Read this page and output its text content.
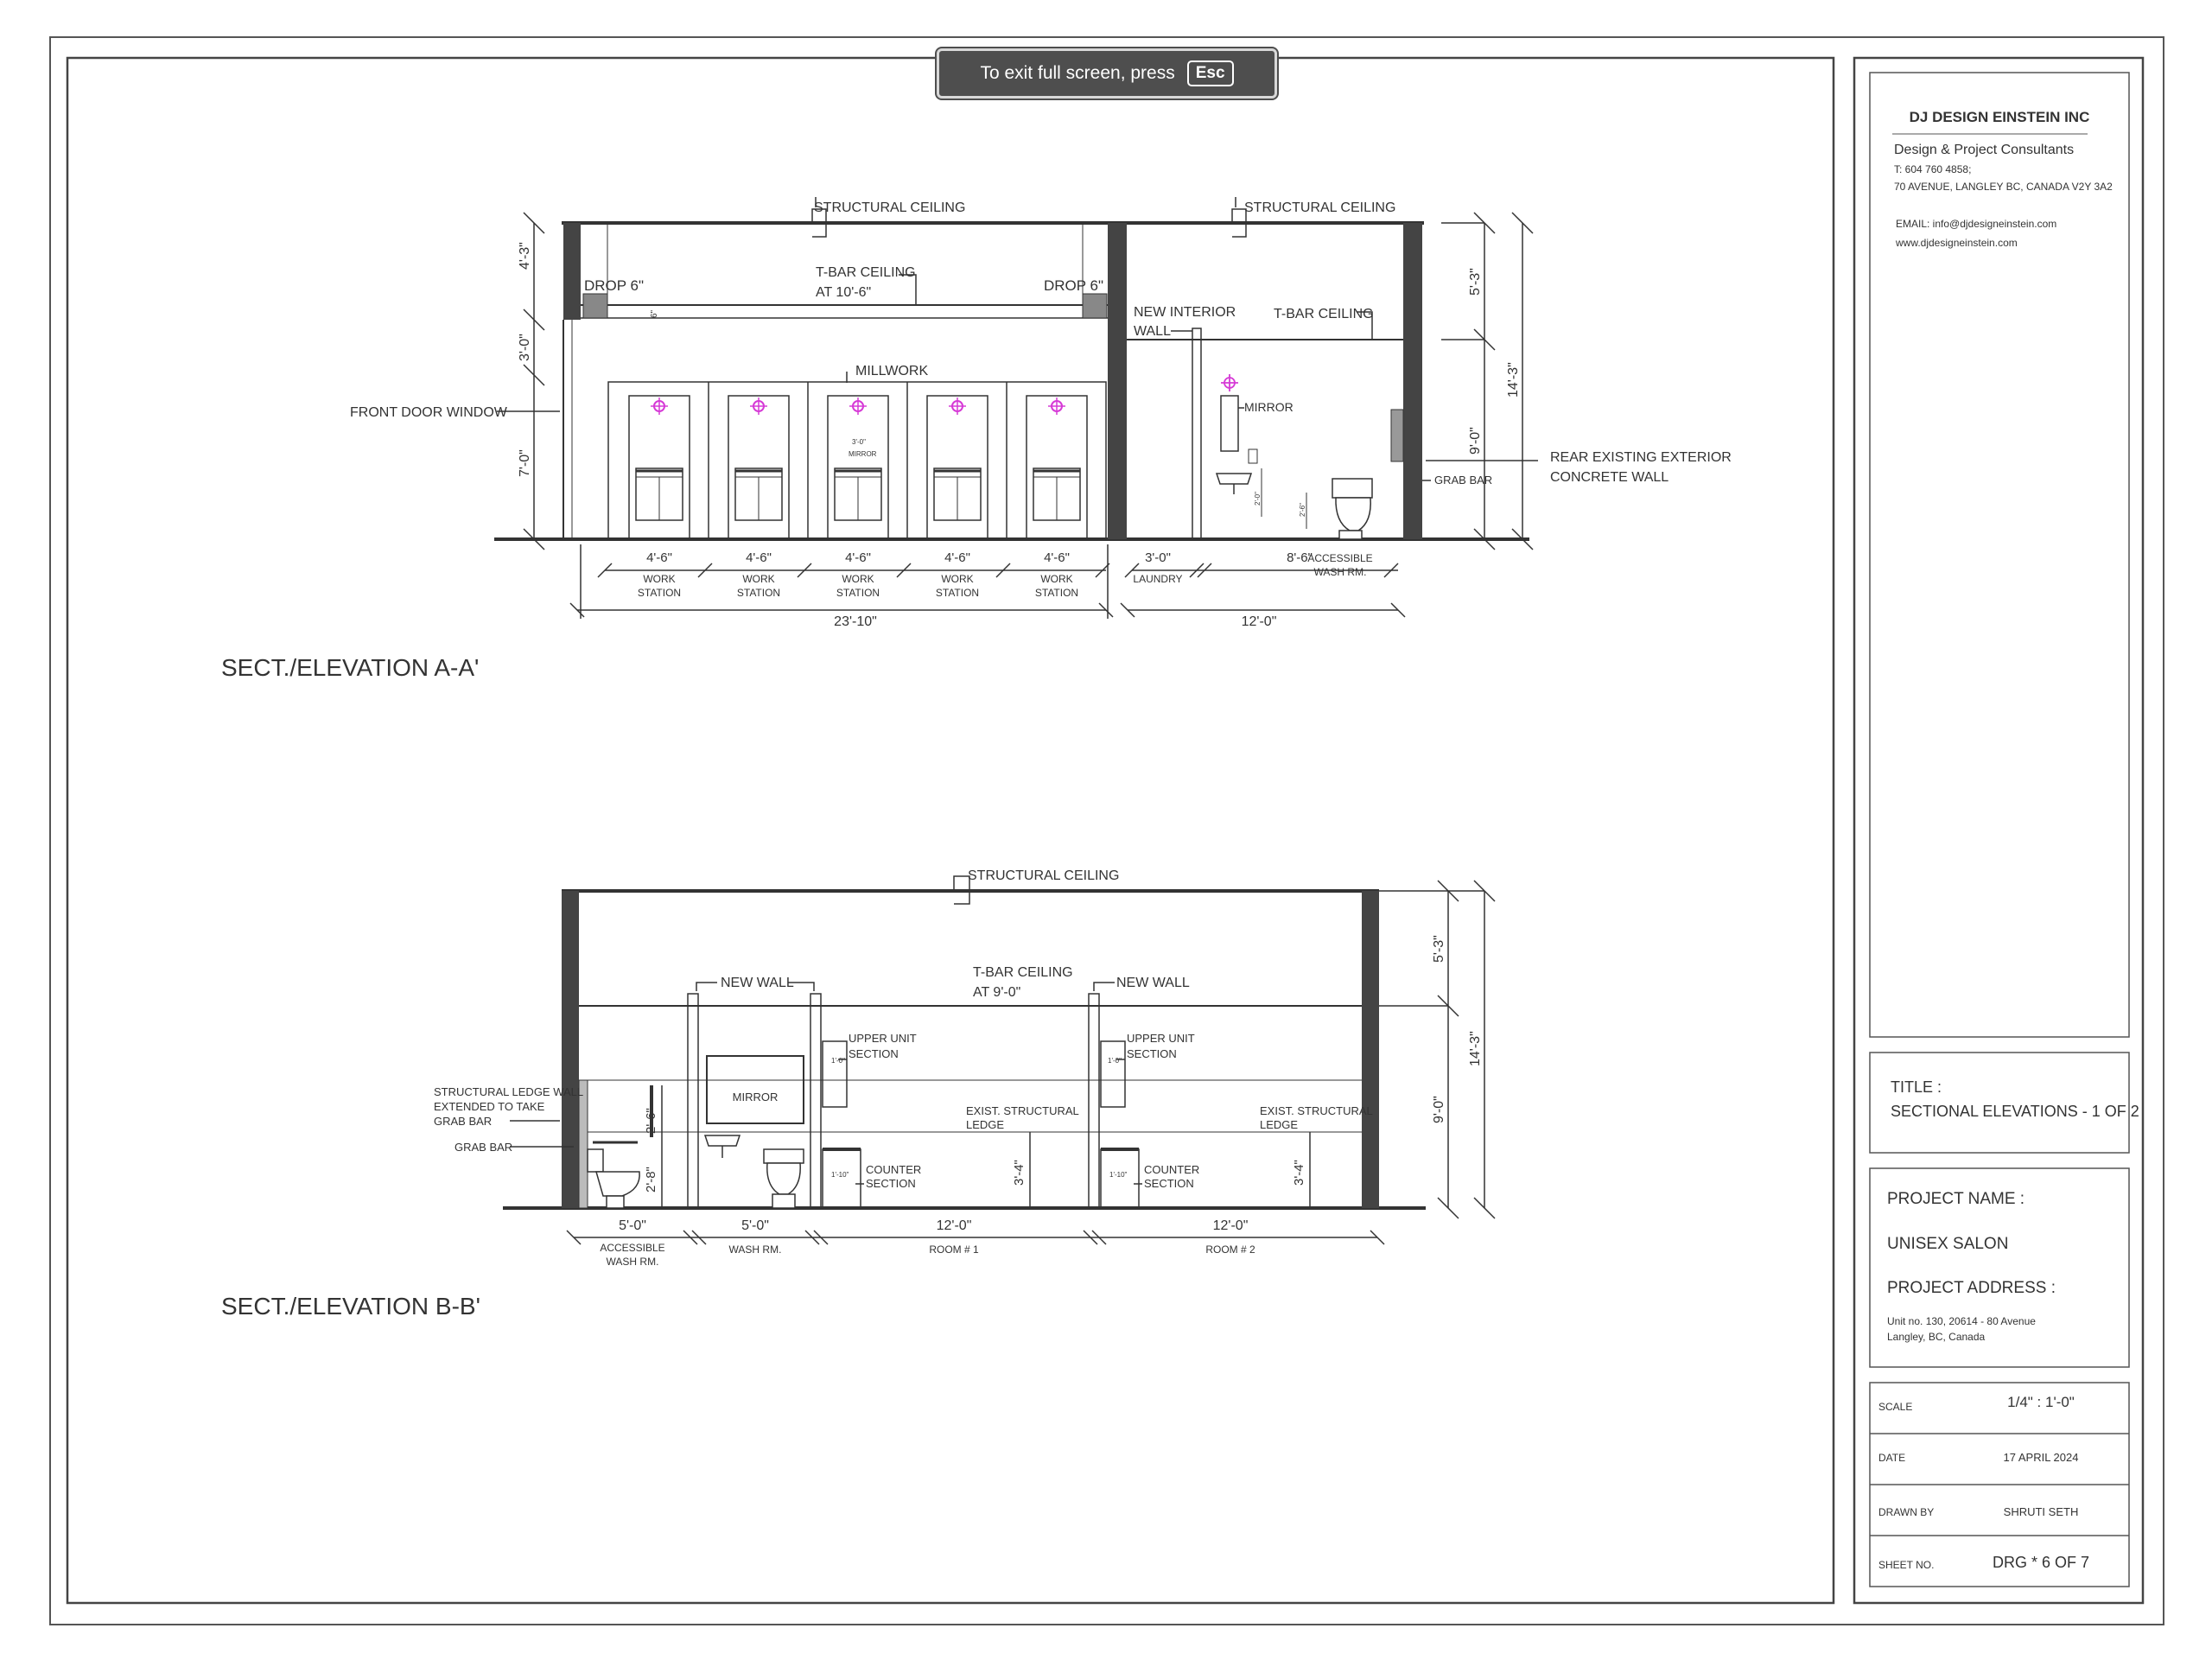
DJ DESIGN EINSTEIN INC
Design & Project Consultants
T: 604 760 4858;
70 AVENUE, LANGLEY BC, CANADA V2Y 3A2
EMAIL: info@djdesigneinstein.com
www.djdesigneinstein.com
TITLE :
SECTIONAL ELEVATIONS - 1 OF 2
PROJECT NAME :
UNISEX SALON
PROJECT ADDRESS :
Unit no. 130, 20614 - 80 Avenue
Langley, BC, Canada
SCALE	1/4" : 1'-0"
DATE	17 APRIL 2024
DRAWN BY	SHRUTI SETH
SHEET NO.	DRG * 6 OF 7
4'-6"
WORK
STATION
4'-6"
WORK
STATION
4'-6"
WORK
STATION
4'-6"
WORK
STATION
4'-6"
WORK
STATION
STRUCTURAL CEILING	STRUCTURAL CEILING
T-BAR CEILING
AT 10'-6"
DROP 6"	DROP 6"
6"
MILLWORK
FRONT DOOR WINDOW
NEW INTERIOR
WALL
T-BAR CEILING
MIRROR
MIRROR
3'-0"
GRAB BAR
REAR EXISTING EXTERIOR
CONCRETE WALL
4'-3"
3'-0"
7'-0"
5'-3"
9'-0"
14'-3"
3'-0"
LAUNDRY
8'-6"
ACCESSIBLE
WASH RM.
23'-10"	12'-0"
2'-0"
2'-6"
SECT./ELEVATION A-A'
STRUCTURAL CEILING
T-BAR CEILING
AT 9'-0"
NEW WALL	NEW WALL
UPPER UNIT
SECTION
UPPER UNIT
SECTION
COUNTER
SECTION
COUNTER
SECTION
EXIST. STRUCTURAL
LEDGE
EXIST. STRUCTURAL
LEDGE
MIRROR
STRUCTURAL LEDGE WALL
EXTENDED TO TAKE
GRAB BAR
GRAB BAR
2'-6"
2'-8"	3'-4"	3'-4"
1'-0"	1'-0"
1'-10"	1'-10"
5'-3"
9'-0"
14'-3"
5'-0"
ACCESSIBLE
WASH RM.
5'-0"
WASH RM.
12'-0"
ROOM # 1
12'-0"
ROOM # 2
SECT./ELEVATION B-B'
To exit full screen, press	Esc
